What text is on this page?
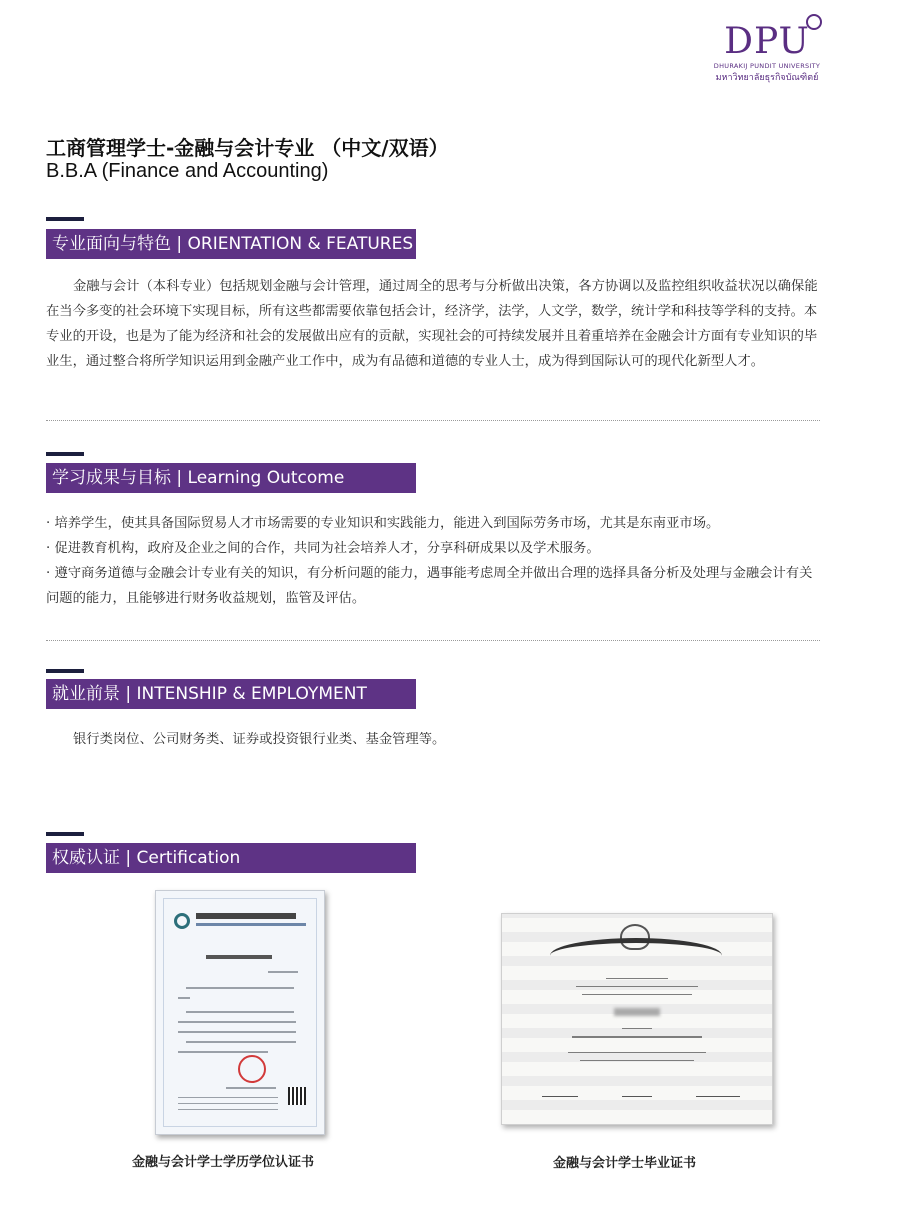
DPU
DHURAKIJ PUNDIT UNIVERSITY
มหาวิทยาลัยธุรกิจบัณฑิตย์
工商管理学士-金融与会计专业 （中文/双语）
B.B.A (Finance and Accounting)
专业面向与特色 | ORIENTATION & FEATURES

金融与会计（本科专业）包括规划金融与会计管理，通过周全的思考与分析做出决策，各方协调以及监控组织收益状况以确保能在当今多变的社会环境下实现目标，所有这些都需要依靠包括会计，经济学，法学，人文学，数学，统计学和科技等学科的支持。本专业的开设，也是为了能为经济和社会的发展做出应有的贡献，实现社会的可持续发展并且着重培养在金融会计方面有专业知识的毕业生，通过整合将所学知识运用到金融产业工作中，成为有品德和道德的专业人士，成为得到国际认可的现代化新型人才。

学习成果与目标 | Learning Outcome
· 培养学生，使其具备国际贸易人才市场需要的专业知识和实践能力，能进入到国际劳务市场，尤其是东南亚市场。
· 促进教育机构，政府及企业之间的合作，共同为社会培养人才，分享科研成果以及学术服务。
· 遵守商务道德与金融会计专业有关的知识，有分析问题的能力，遇事能考虑周全并做出合理的选择具备分析及处理与金融会计有关问题的能力，且能够进行财务收益规划，监管及评估。
就业前景 | INTENSHIP & EMPLOYMENT

银行类岗位、公司财务类、证券或投资银行业类、基金管理等。

权威认证 | Certification
金融与会计学士学历学位认证书	金融与会计学士毕业证书
